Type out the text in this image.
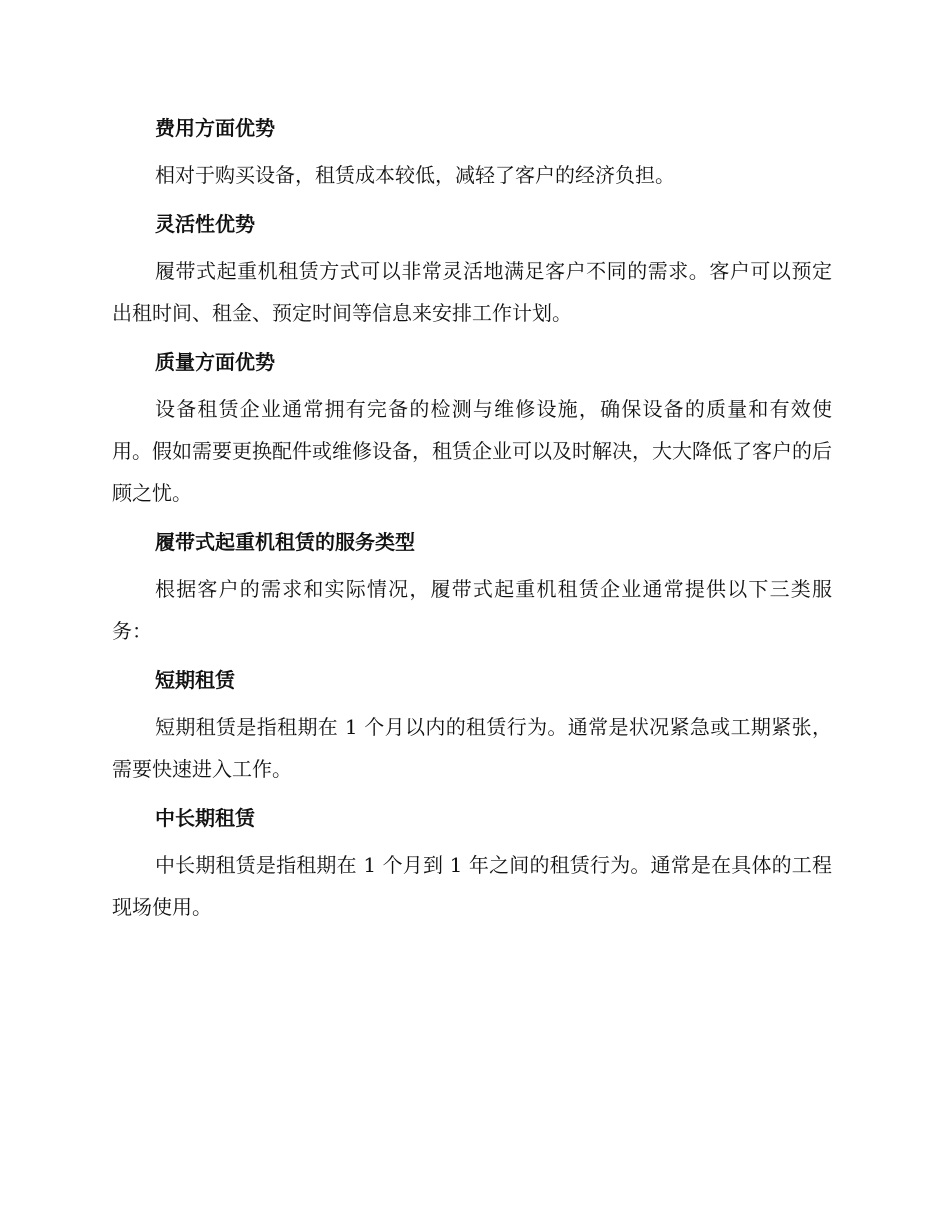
费用方面优势

相对于购买设备，租赁成本较低，减轻了客户的经济负担。

灵活性优势

履带式起重机租赁方式可以非常灵活地满足客户不同的需求。客户可以预定出租时间、租金、预定时间等信息来安排工作计划。

质量方面优势

设备租赁企业通常拥有完备的检测与维修设施，确保设备的质量和有效使用。假如需要更换配件或维修设备，租赁企业可以及时解决，大大降低了客户的后顾之忧。

履带式起重机租赁的服务类型

根据客户的需求和实际情况，履带式起重机租赁企业通常提供以下三类服务：

短期租赁

短期租赁是指租期在 1 个月以内的租赁行为。通常是状况紧急或工期紧张，需要快速进入工作。

中长期租赁

中长期租赁是指租期在 1 个月到 1 年之间的租赁行为。通常是在具体的工程现场使用。
